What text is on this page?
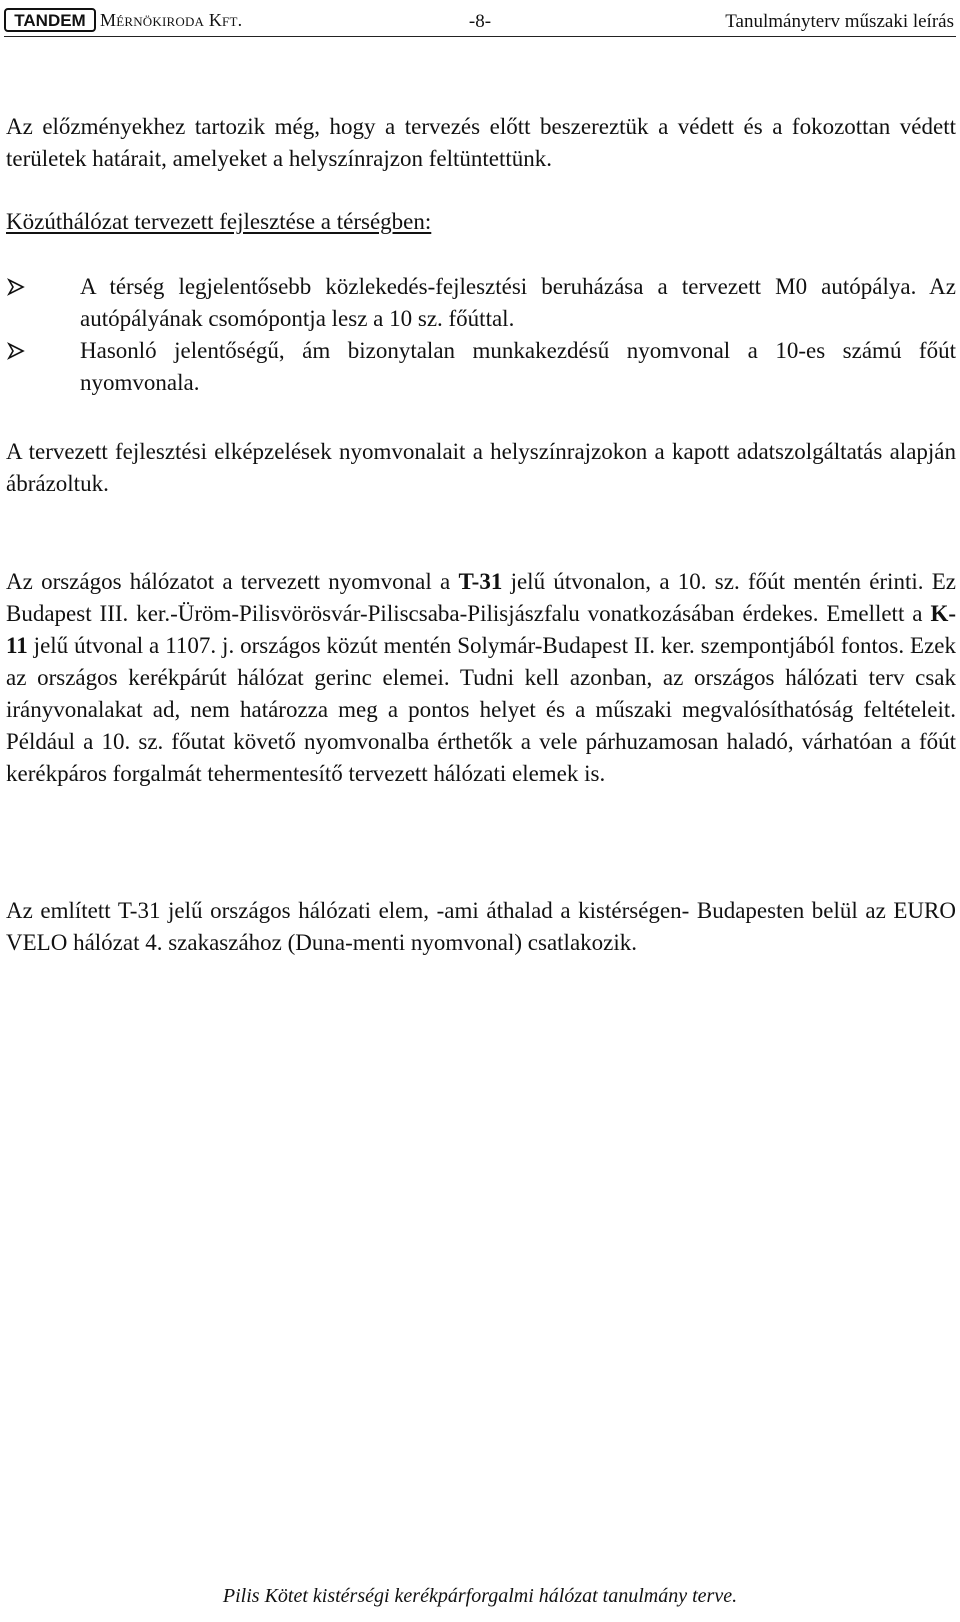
TANDEM Mérnökiroda Kft.	-8-	Tanulmányterv műszaki leírás

Az előzményekhez tartozik még, hogy a tervezés előtt beszereztük a védett és a fokozottan védett területek határait, amelyeket a helyszínrajzon feltüntettünk.

Közúthálózat tervezett fejlesztése a térségben:

A térség legjelentősebb közlekedés-fejlesztési beruházása a tervezett M0 autópálya. Az autópályának csomópontja lesz a 10 sz. főúttal.
Hasonló jelentőségű, ám bizonytalan munkakezdésű nyomvonal a 10-es számú főút nyomvonala.

A tervezett fejlesztési elképzelések nyomvonalait a helyszínrajzokon a kapott adatszolgáltatás alapján ábrázoltuk.

Az országos hálózatot a tervezett nyomvonal a T-31 jelű útvonalon, a 10. sz. főút mentén érinti. Ez Budapest III. ker.-Üröm-Pilisvörösvár-Piliscsaba-Pilisjászfalu vonatkozásában érdekes. Emellett a K-11 jelű útvonal a 1107. j. országos közút mentén Solymár-Budapest II. ker. szempontjából fontos. Ezek az országos kerékpárút hálózat gerinc elemei. Tudni kell azonban, az országos hálózati terv csak irányvonalakat ad, nem határozza meg a pontos helyet és a műszaki megvalósíthatóság feltételeit. Például a 10. sz. főutat követő nyomvonalba érthetők a vele párhuzamosan haladó, várhatóan a főút kerékpáros forgalmát tehermentesítő tervezett hálózati elemek is.

Az említett T-31 jelű országos hálózati elem, -ami áthalad a kistérségen- Budapesten belül az EURO VELO hálózat 4. szakaszához (Duna-menti nyomvonal) csatlakozik.

Pilis Kötet kistérségi kerékpárforgalmi hálózat tanulmány terve.
